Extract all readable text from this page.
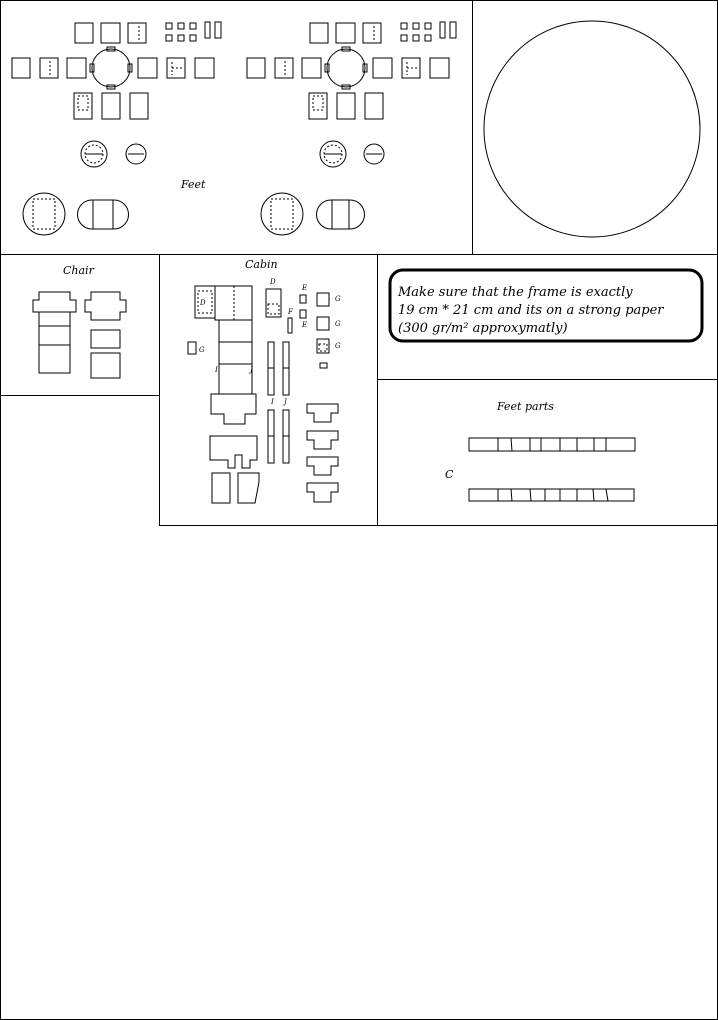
Feet
Chair	Cabin
D
I	J
G
D
E
E
F
G
G
G
I J
Make sure that the frame is exactly
19 cm * 21 cm and its on a strong paper
(300 gr/m² approxymatly)
Feet parts
C
